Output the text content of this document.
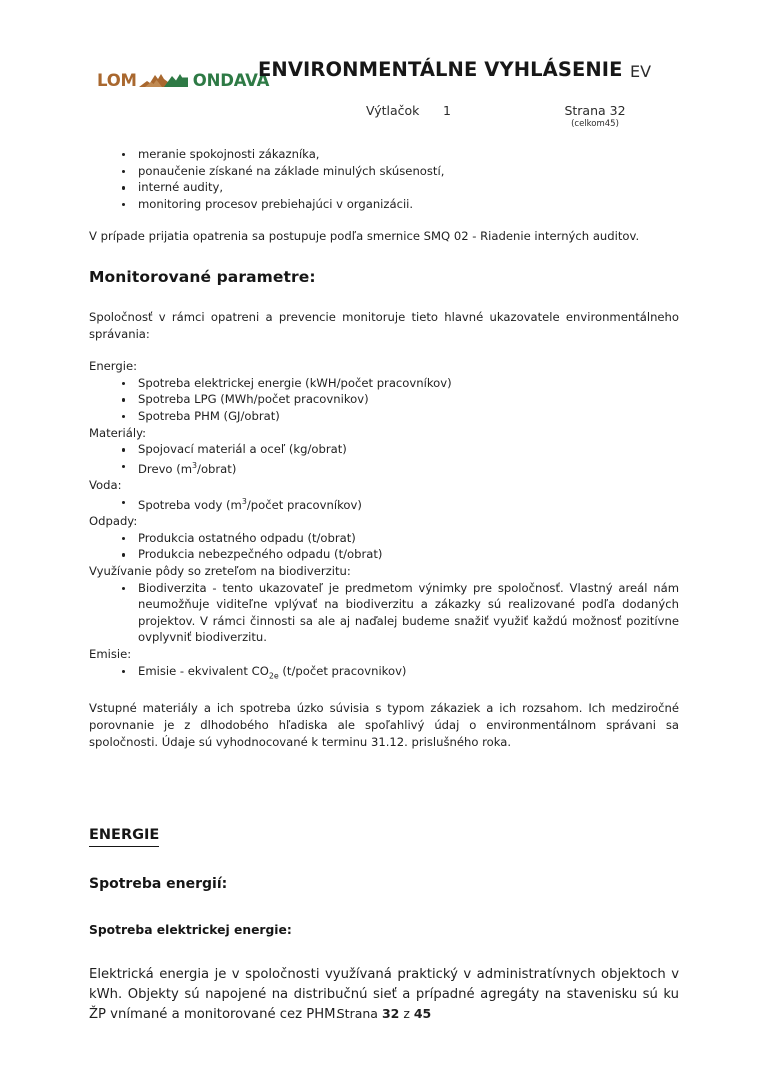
LOM	ONDAVA
ENVIRONMENTÁLNE VYHLÁSENIE EV
Výtlačok 1	Strana 32
(celkom45)
meranie spokojnosti zákazníka,
ponaučenie získané na základe minulých skúseností,
interné audity,
monitoring procesov prebiehajúci v organizácii.

V prípade prijatia opatrenia sa postupuje podľa smernice SMQ 02 - Riadenie interných auditov.

Monitorované parametre:

Spoločnosť v rámci opatreni a prevencie monitoruje tieto hlavné ukazovatele environmentálneho správania:

Energie:

Spotreba elektrickej energie (kWH/počet pracovníkov)
Spotreba LPG (MWh/počet pracovnikov)
Spotreba PHM (GJ/obrat)

Materiály:

Spojovací materiál a oceľ (kg/obrat)
Drevo $(m^3/obrat)$

Voda:

Spotreba vody ($m^3$/počet pracovníkov)

Odpady:

Produkcia ostatného odpadu (t/obrat)
Produkcia nebezpečného odpadu (t/obrat)

Využívanie pôdy so zreteľom na biodiverzitu:

Biodiverzita - tento ukazovateľ je predmetom výnimky pre spoločnosť. Vlastný areál nám neumožňuje viditeľne vplývať na biodiverzitu a zákazky sú realizované podľa dodaných projektov. V rámci činnosti sa ale aj naďalej budeme snažiť využiť každú možnosť pozitívne ovplyvniť biodiverzitu.

Emisie:

Emisie - ekvivalent $CO_{2e}$ (t/počet pracovnikov)

Vstupné materiály a ich spotreba úzko súvisia s typom zákaziek a ich rozsahom. Ich medziročné porovnanie je z dlhodobého hľadiska ale spoľahlivý údaj o environmentálnom správani sa spoločnosti. Údaje sú vyhodnocované k terminu 31.12. prislušného roka.

ENERGIE
Spotreba energií:
Spotreba elektrickej energie:

Elektrická energia je v spoločnosti využívaná praktický v administratívnych objektoch v kWh. Objekty sú napojené na distribučnú sieť a prípadné agregáty na stavenisku sú ku ŽP vnímané a monitorované cez PHM.

Strana 32 z 45
